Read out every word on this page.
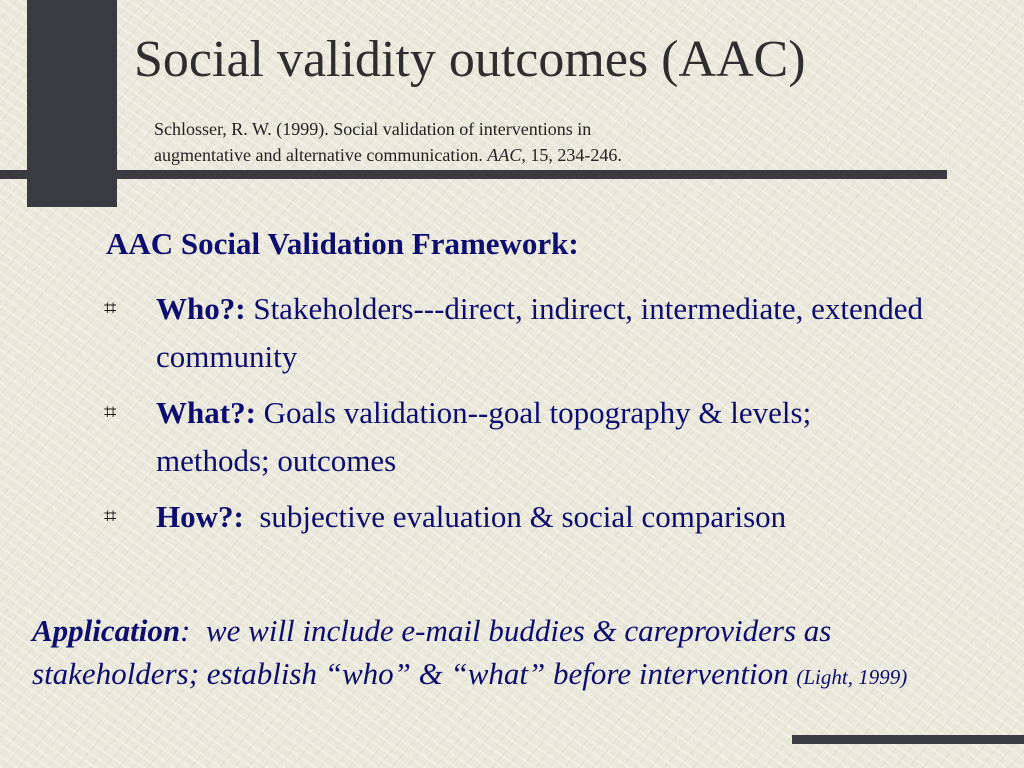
Social validity outcomes (AAC)
Schlosser, R. W. (1999). Social validation of interventions in
augmentative and alternative communication. AAC, 15, 234-246.
AAC Social Validation Framework:
⌗ Who?: Stakeholders---direct, indirect, intermediate, extended community
⌗ What?: Goals validation--goal topography & levels; methods; outcomes
⌗ How?:  subjective evaluation & social comparison
Application:  we will include e-mail buddies & careproviders as stakeholders; establish “who” & “what” before intervention (Light, 1999)
